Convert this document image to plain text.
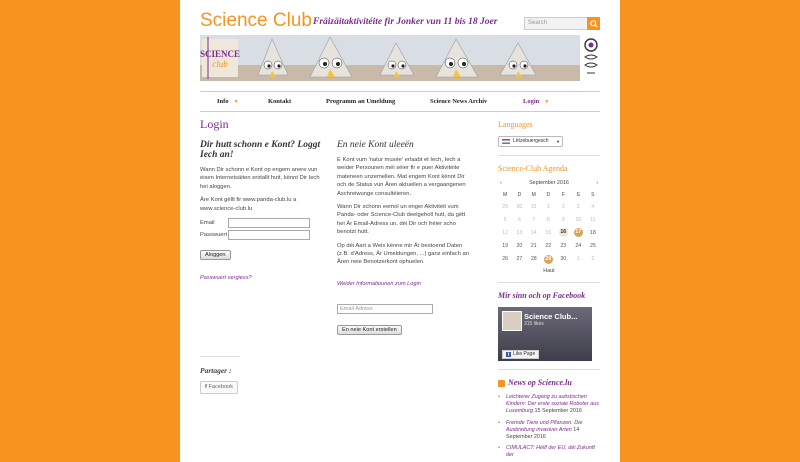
Science Club Fräizäitaktivitéite fir Jonker vun 11 bis 18 Joer	Search
SCIENCE
club
Info ▼	Kontakt	Programm an Umeldung	Science News Archiv	Login ▼
Login
Dir hutt schonn e Kont? Loggt Iech an!
Wann Dir schonn e Kont op engem anere vun eisen Internetsäiten erstallt hutt, kënnt Dir Iech hei aloggen.
Äre Kont gëllt fir www.panda-club.lu a www.science-club.lu
Email
Passwuert
Aloggen
Passwuert vergiess?
En neie Kont uleeën
E Kont vum 'natur musée' erlaabt et Iech, Iech a weider Persounen méi séier fir e puer Aktivitéite mateneen unzemellen. Mat engem Kont kënnt Dir och de Status vun Ären aktuellen a vergaangenen Aschreiwunge consultéieren.
Wann Dir schonn eemol un enger Aktivitéit vum Panda- oder Science-Club deelgeholl hutt, da gëtt hei Är Email-Adress un, déi Dir och fréier scho benotzt hutt.
Op déi Aart a Weis kënne mir Är bestoend Daten (z.B. d'Adress, Är Umeldungen, ...) ganz einfach an Ären neie Benotzerkont ophuelen.
Weider Informatiounen zum Login
Email Adress
En neie Kont erstellen
Partager :
f Facebook
Languages
Lëtzebuergesch ▼
Science-Club Agenda
‹	September 2016	›
M	D	M	D	F	S	S
29	30	31	1	2	3	4
5	6	7	8	9	10	11
12	13	14	15	16	17	18
19	20	21	22	23	24	25
26	27	28	29	30	1	2
Haut
Mir sinn och op Facebook
Science Club...
315 likes
f Like Page
News op Science.lu
• Leichterer Zugang zu autistischen Kindern: Der erste soziale Roboter aus Luxemburg 15 September 2016
• Fremde Tiere und Pflanzen: Die Ausbreitung invasiver Arten 14 September 2016
• CIMULACT: Hëllf der EU, déi Zukunft der
